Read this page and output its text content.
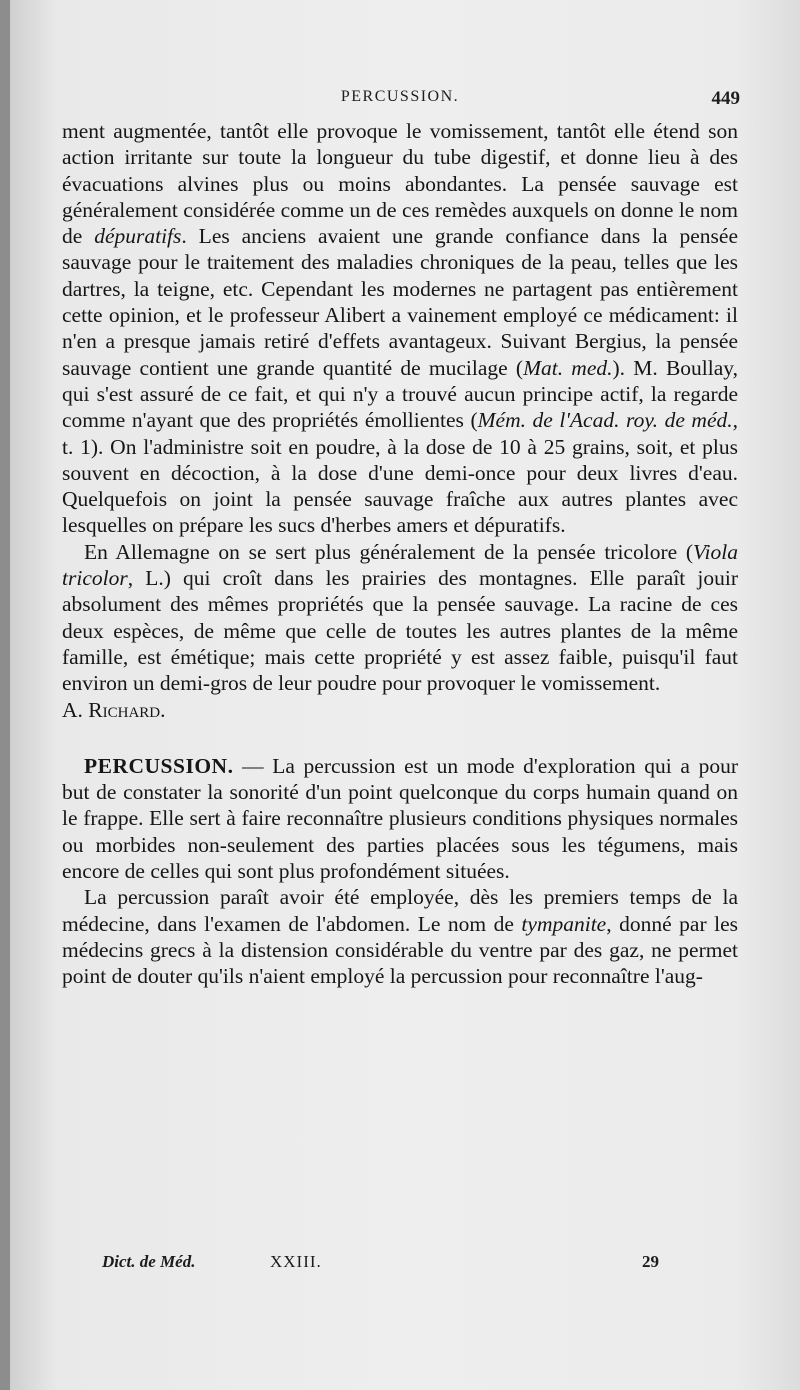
PERCUSSION.	449

ment augmentée, tantôt elle provoque le vomissement, tantôt elle étend son action irritante sur toute la longueur du tube digestif, et donne lieu à des évacuations alvines plus ou moins abondantes. La pensée sauvage est généralement considérée comme un de ces remèdes auxquels on donne le nom de dépuratifs. Les anciens avaient une grande confiance dans la pensée sauvage pour le traitement des maladies chroniques de la peau, telles que les dartres, la teigne, etc. Cependant les modernes ne partagent pas entièrement cette opinion, et le professeur Alibert a vainement employé ce médicament: il n'en a presque jamais retiré d'effets avantageux. Suivant Bergius, la pensée sauvage contient une grande quantité de mucilage (Mat. med.). M. Boullay, qui s'est assuré de ce fait, et qui n'y a trouvé aucun principe actif, la regarde comme n'ayant que des propriétés émollientes (Mém. de l'Acad. roy. de méd., t. 1). On l'administre soit en poudre, à la dose de 10 à 25 grains, soit, et plus souvent en décoction, à la dose d'une demi-once pour deux livres d'eau. Quelquefois on joint la pensée sauvage fraîche aux autres plantes avec lesquelles on prépare les sucs d'herbes amers et dépuratifs.

En Allemagne on se sert plus généralement de la pensée tricolore (Viola tricolor, L.) qui croît dans les prairies des montagnes. Elle paraît jouir absolument des mêmes propriétés que la pensée sauvage. La racine de ces deux espèces, de même que celle de toutes les autres plantes de la même famille, est émétique; mais cette propriété y est assez faible, puisqu'il faut environ un demi-gros de leur poudre pour provoquer le vomissement.

A. Richard.

PERCUSSION. — La percussion est un mode d'exploration qui a pour but de constater la sonorité d'un point quelconque du corps humain quand on le frappe. Elle sert à faire reconnaître plusieurs conditions physiques normales ou morbides non-seulement des parties placées sous les tégumens, mais encore de celles qui sont plus profondément situées.

La percussion paraît avoir été employée, dès les premiers temps de la médecine, dans l'examen de l'abdomen. Le nom de tympanite, donné par les médecins grecs à la distension considérable du ventre par des gaz, ne permet point de douter qu'ils n'aient employé la percussion pour reconnaître l'aug-

Dict. de Méd.	XXIII.	29
